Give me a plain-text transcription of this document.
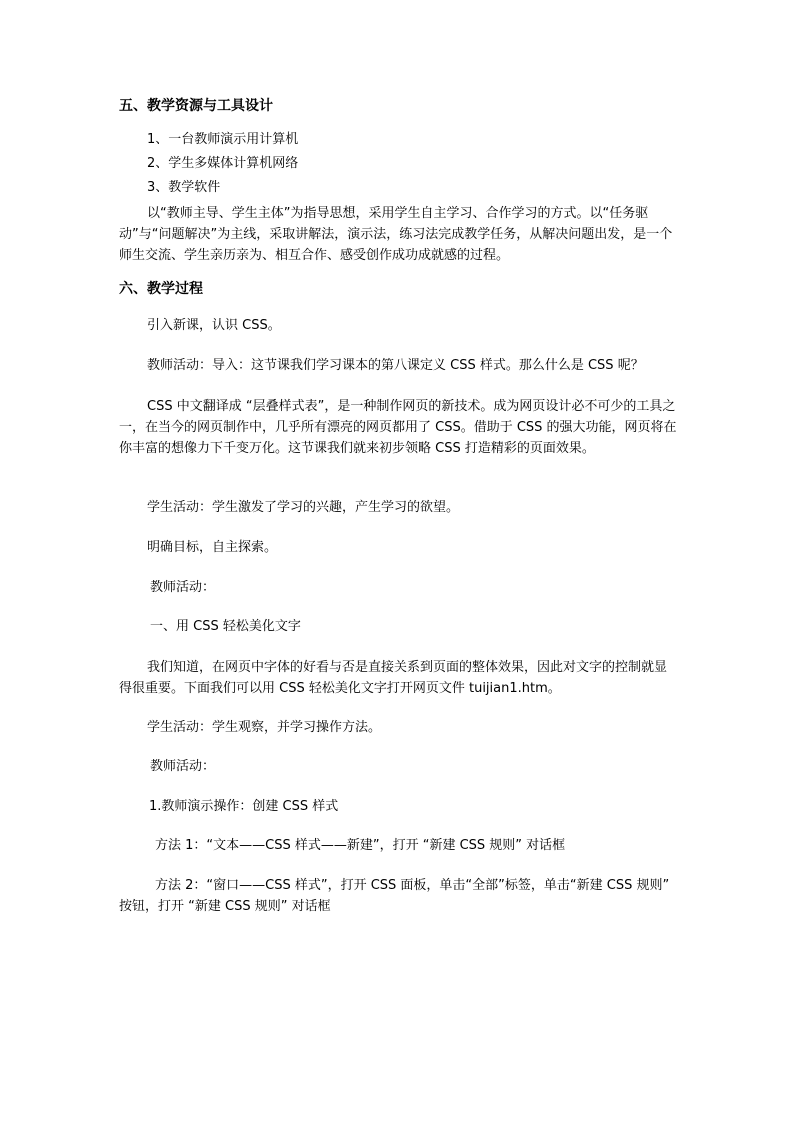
五、教学资源与工具设计
1、一台教师演示用计算机
2、学生多媒体计算机网络
3、教学软件
以“教师主导、学生主体”为指导思想，采用学生自主学习、合作学习的方式。以“任务驱动”与“问题解决”为主线，采取讲解法，演示法，练习法完成教学任务，从解决问题出发，是一个师生交流、学生亲历亲为、相互合作、感受创作成功成就感的过程。
六、教学过程
引入新课，认识 CSS。
教师活动：导入：这节课我们学习课本的第八课定义 CSS 样式。那么什么是 CSS 呢？
CSS 中文翻译成 “层叠样式表”，是一种制作网页的新技术。成为网页设计必不可少的工具之一，在当今的网页制作中，几乎所有漂亮的网页都用了 CSS。借助于 CSS 的强大功能，网页将在你丰富的想像力下千变万化。这节课我们就来初步领略 CSS 打造精彩的页面效果。
学生活动：学生激发了学习的兴趣，产生学习的欲望。
明确目标，自主探索。
教师活动：
一、用 CSS 轻松美化文字
我们知道，在网页中字体的好看与否是直接关系到页面的整体效果，因此对文字的控制就显得很重要。下面我们可以用 CSS 轻松美化文字打开网页文件 tuijian1.htm。
学生活动：学生观察，并学习操作方法。
教师活动：
1.教师演示操作：创建 CSS 样式
方法 1：“文本——CSS 样式——新建”，打开 “新建 CSS 规则” 对话框
方法 2：“窗口——CSS 样式”，打开 CSS 面板，单击“全部”标签，单击“新建 CSS 规则” 按钮，打开 “新建 CSS 规则” 对话框
